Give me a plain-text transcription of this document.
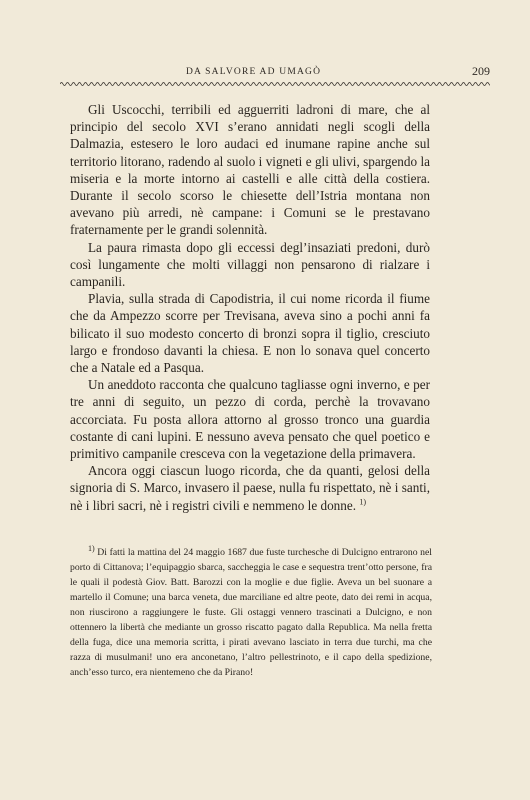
DA SALVORE AD UMAGÒ	209

Gli Uscocchi, terribili ed agguerriti ladroni di mare, che al principio del secolo XVI s’erano annidati negli scogli della Dalmazia, estesero le loro audaci ed inumane rapine anche sul territorio litorano, radendo al suolo i vigneti e gli ulivi, spargendo la miseria e la morte intorno ai castelli e alle città della costiera. Durante il secolo scorso le chiesette dell’Istria montana non avevano più arredi, nè campane: i Comuni se le prestavano fraternamente per le grandi solennità.

La paura rimasta dopo gli eccessi degl’insaziati predoni, durò così lungamente che molti villaggi non pensarono di rialzare i campanili.

Plavia, sulla strada di Capodistria, il cui nome ricorda il fiume che da Ampezzo scorre per Trevisana, aveva sino a pochi anni fa bilicato il suo modesto concerto di bronzi sopra il tiglio, cresciuto largo e frondoso davanti la chiesa. E non lo sonava quel concerto che a Natale ed a Pasqua.

Un aneddoto racconta che qualcuno tagliasse ogni inverno, e per tre anni di seguito, un pezzo di corda, perchè la trovavano accorciata. Fu posta allora attorno al grosso tronco una guardia costante di cani lupini. E nessuno aveva pensato che quel poetico e primitivo campanile cresceva con la vegetazione della primavera.

Ancora oggi ciascun luogo ricorda, che da quanti, gelosi della signoria di S. Marco, invasero il paese, nulla fu rispettato, nè i santi, nè i libri sacri, nè i registri civili e nemmeno le donne. $^{1)}$

$^{1)}$ Di fatti la mattina del 24 maggio 1687 due fuste turchesche di Dulcigno entrarono nel porto di Cittanova; l’equipaggio sbarca, saccheggia le case e sequestra trent’otto persone, fra le quali il podestà Giov. Batt. Barozzi con la moglie e due figlie. Aveva un bel suonare a martello il Comune; una barca veneta, due marciliane ed altre peote, dato dei remi in acqua, non riuscirono a raggiungere le fuste. Gli ostaggi vennero trascinati a Dulcigno, e non ottennero la libertà che mediante un grosso riscatto pagato dalla Republica. Ma nella fretta della fuga, dice una memoria scritta, i pirati avevano lasciato in terra due turchi, ma che razza di musulmani! uno era anconetano, l’altro pellestrinoto, e il capo della spedizione, anch’esso turco, era nientemeno che da Pirano!
